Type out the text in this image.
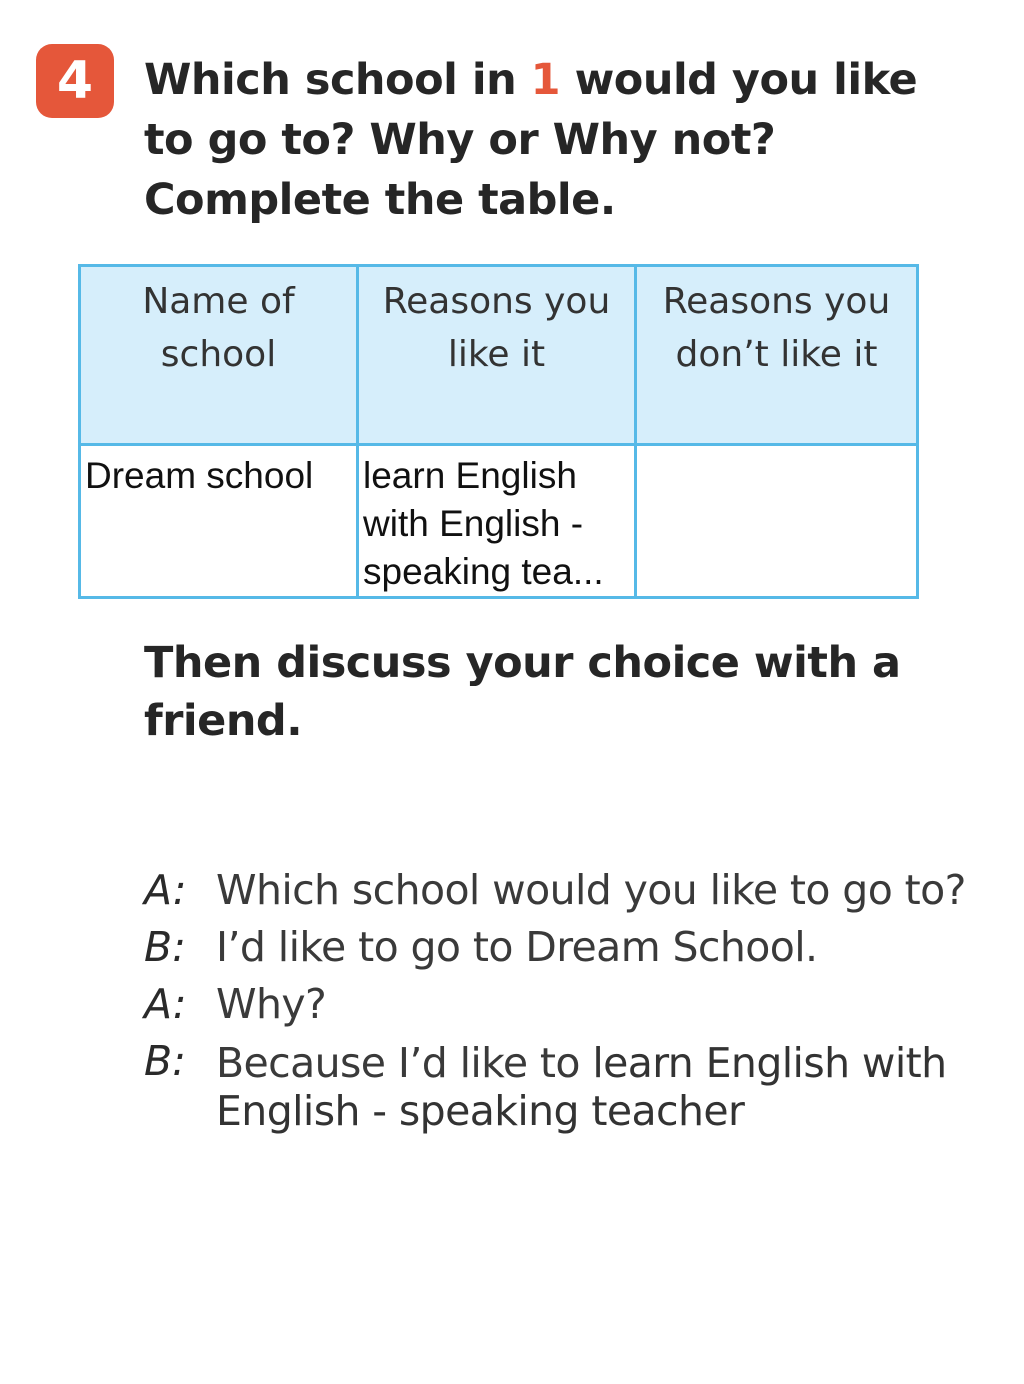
4	Which school in 1 would you like to go to? Why or Why not? Complete the table.
Name of school	Reasons you like it	Reasons you don’t like it
Dream school	learn English with English - speaking tea...	
Then discuss your choice with a friend.
A: Which school would you like to go to?
B: I’d like to go to Dream School.
A: Why?
B: Because I’d like to learn English with English - speaking teacher
